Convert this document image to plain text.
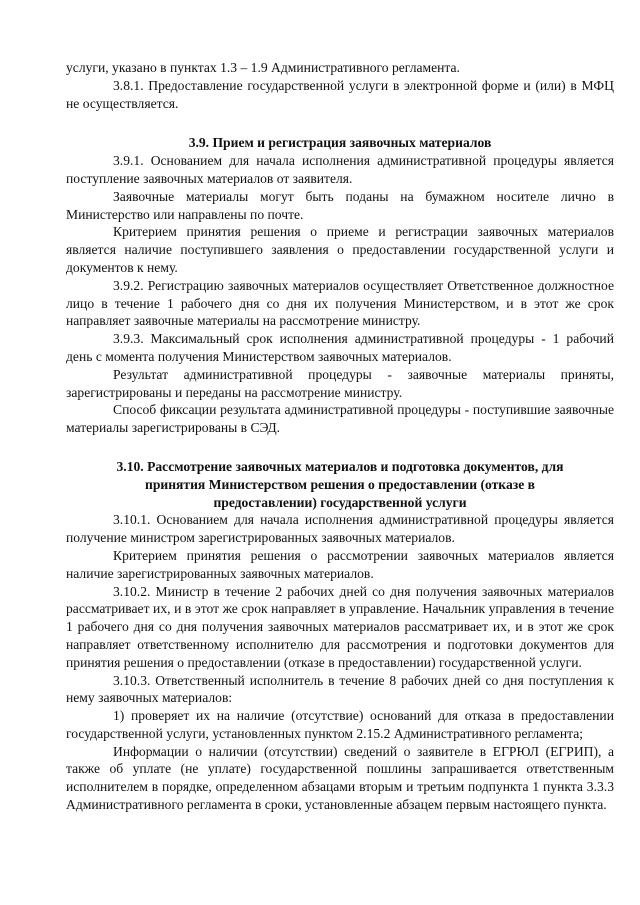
услуги, указано в пунктах 1.3 – 1.9 Административного регламента.

3.8.1. Предоставление государственной услуги в электронной форме и (или) в МФЦ не осуществляется.

3.9. Прием и регистрация заявочных материалов

3.9.1. Основанием для начала исполнения административной процедуры является поступление заявочных материалов от заявителя.

Заявочные материалы могут быть поданы на бумажном носителе лично в Министерство или направлены по почте.

Критерием принятия решения о приеме и регистрации заявочных материалов является наличие поступившего заявления о предоставлении государственной услуги и документов к нему.

3.9.2. Регистрацию заявочных материалов осуществляет Ответственное должностное лицо в течение 1 рабочего дня со дня их получения Министерством, и в этот же срок направляет заявочные материалы на рассмотрение министру.

3.9.3. Максимальный срок исполнения административной процедуры - 1 рабочий день с момента получения Министерством заявочных материалов.

Результат административной процедуры - заявочные материалы приняты, зарегистрированы и переданы на рассмотрение министру.

Способ фиксации результата административной процедуры - поступившие заявочные материалы зарегистрированы в СЭД.

3.10. Рассмотрение заявочных материалов и подготовка документов, для
принятия Министерством решения о предоставлении (отказе в
предоставлении) государственной услуги

3.10.1. Основанием для начала исполнения административной процедуры является получение министром зарегистрированных заявочных материалов.

Критерием принятия решения о рассмотрении заявочных материалов является наличие зарегистрированных заявочных материалов.

3.10.2. Министр в течение 2 рабочих дней со дня получения заявочных материалов рассматривает их, и в этот же срок направляет в управление. Начальник управления в течение 1 рабочего дня со дня получения заявочных материалов рассматривает их, и в этот же срок направляет ответственному исполнителю для рассмотрения и подготовки документов для принятия решения о предоставлении (отказе в предоставлении) государственной услуги.

3.10.3. Ответственный исполнитель в течение 8 рабочих дней со дня поступления к нему заявочных материалов:

1) проверяет их на наличие (отсутствие) оснований для отказа в предоставлении государственной услуги, установленных пунктом 2.15.2 Административного регламента;

Информации о наличии (отсутствии) сведений о заявителе в ЕГРЮЛ (ЕГРИП), а также об уплате (не уплате) государственной пошлины запрашивается ответственным исполнителем в порядке, определенном абзацами вторым и третьим подпункта 1 пункта 3.3.3 Административного регламента в сроки, установленные абзацем первым настоящего пункта.
